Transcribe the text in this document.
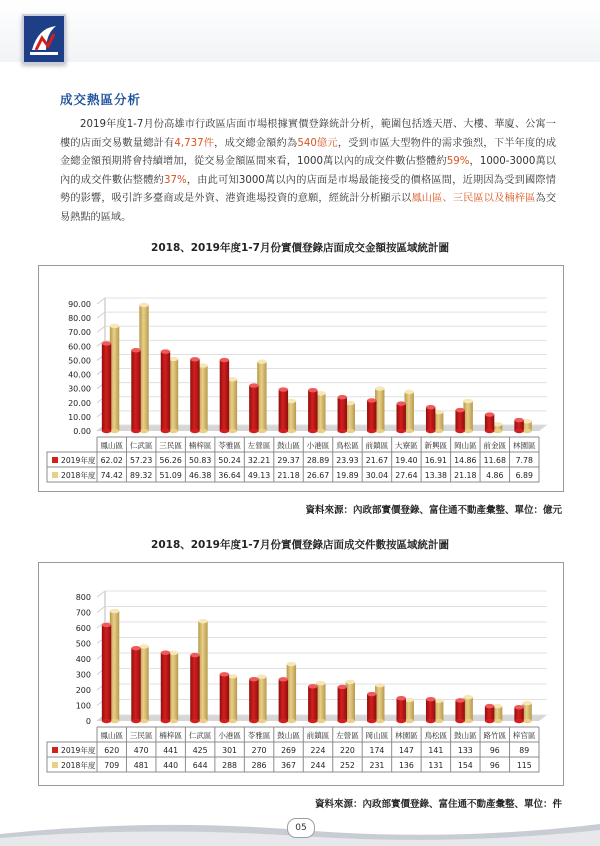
成交熱區分析

2019年度1-7月份高雄市行政區店面市場根據實價登錄統計分析，範圍包括透天厝、大樓、華廈、公寓一樓的店面交易數量總計有4,737件，成交總金額約為540億元，受到市區大型物件的需求強烈，下半年度的成金總金額預期將會持續增加，從交易金額區間來看，1000萬以內的成交件數佔整體約59%，1000-3000萬以內的成交件數佔整體約37%，由此可知3000萬以內的店面是市場最能接受的價格區間，近期因為受到國際情勢的影響，吸引許多臺商或是外資、港資進場投資的意願，經統計分析顯示以鳳山區、三民區以及楠梓區為交易熱點的區域。

2018、2019年度1-7月份實價登錄店面成交金額按區域統計圖
0.00
10.00
20.00
30.00
40.00
50.00
60.00
70.00
80.00
90.00
鳳山區 仁武區 三民區 楠梓區 苓雅區 左營區 鼓山區 小港區 鳥松區 前鎮區 大寮區 新興區 岡山區 前金區 林園區
2019年度 62.02 57.23 56.26 50.83 50.24 32.21 29.37 28.89 23.93 21.67 19.40 16.91 14.86 11.68 7.78
2018年度 74.42 89.32 51.09 46.38 36.64 49.13 21.18 26.67 19.89 30.04 27.64 13.38 21.18 4.86 6.89
資料來源：內政部實價登錄、富住通不動產彙整、單位：億元
2018、2019年度1-7月份實價登錄店面成交件數按區域統計圖
0
100
200
300
400
500
600
700
800
鳳山區 三民區 楠梓區 仁武區 小港區 苓雅區 鼓山區 前鎮區 左營區 岡山區 林園區 鳥松區 鼓山區 路竹區 梓官區
2019年度 620 470 441 425 301 270 269 224 220 174 147 141 133 96	89
2018年度 709 481 440 644 288 286 367 244 252 231 136 131 154 96 115
資料來源：內政部實價登錄、富住通不動產彙整、單位：件
05
